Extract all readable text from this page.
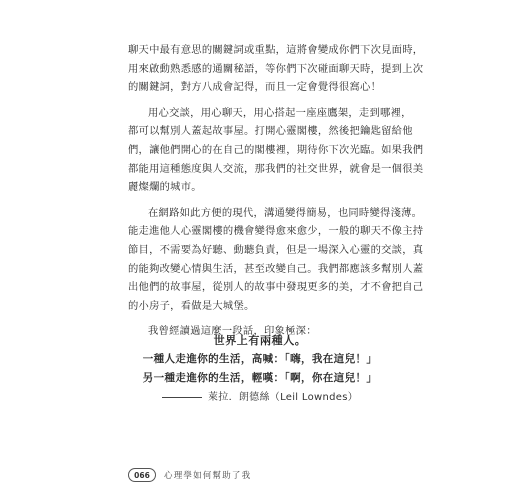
聊天中最有意思的關鍵詞或重點，這將會變成你們下次見面時，
用來啟動熟悉感的通關秘語，等你們下次碰面聊天時，提到上次
的關鍵詞，對方八成會記得，而且一定會覺得很窩心！

用心交談，用心聊天，用心搭起一座座鷹架，走到哪裡，
都可以幫別人蓋起故事屋。打開心靈閣樓，然後把鑰匙留給他
們，讓他們開心的在自己的閣樓裡，期待你下次光臨。如果我們
都能用這種態度與人交流，那我們的社交世界，就會是一個很美
麗燦爛的城市。

在網路如此方便的現代，溝通變得簡易，也同時變得淺薄。
能走進他人心靈閣樓的機會變得愈來愈少，一般的聊天不像主持
節目，不需要為好聽、動聽負責，但是一場深入心靈的交談，真
的能夠改變心情與生活，甚至改變自己。我們都應該多幫別人蓋
出他們的故事屋，從別人的故事中發現更多的美，才不會把自己
的小房子，看做是大城堡。

我曾經讀過這麼一段話，印象極深：

世界上有兩種人。
一種人走進你的生活，高喊：「嗨，我在這兒！」
另一種走進你的生活，輕嘆：「啊，你在這兒！」
萊拉．朗德絲（Leil Lowndes）
066	心理學如何幫助了我
